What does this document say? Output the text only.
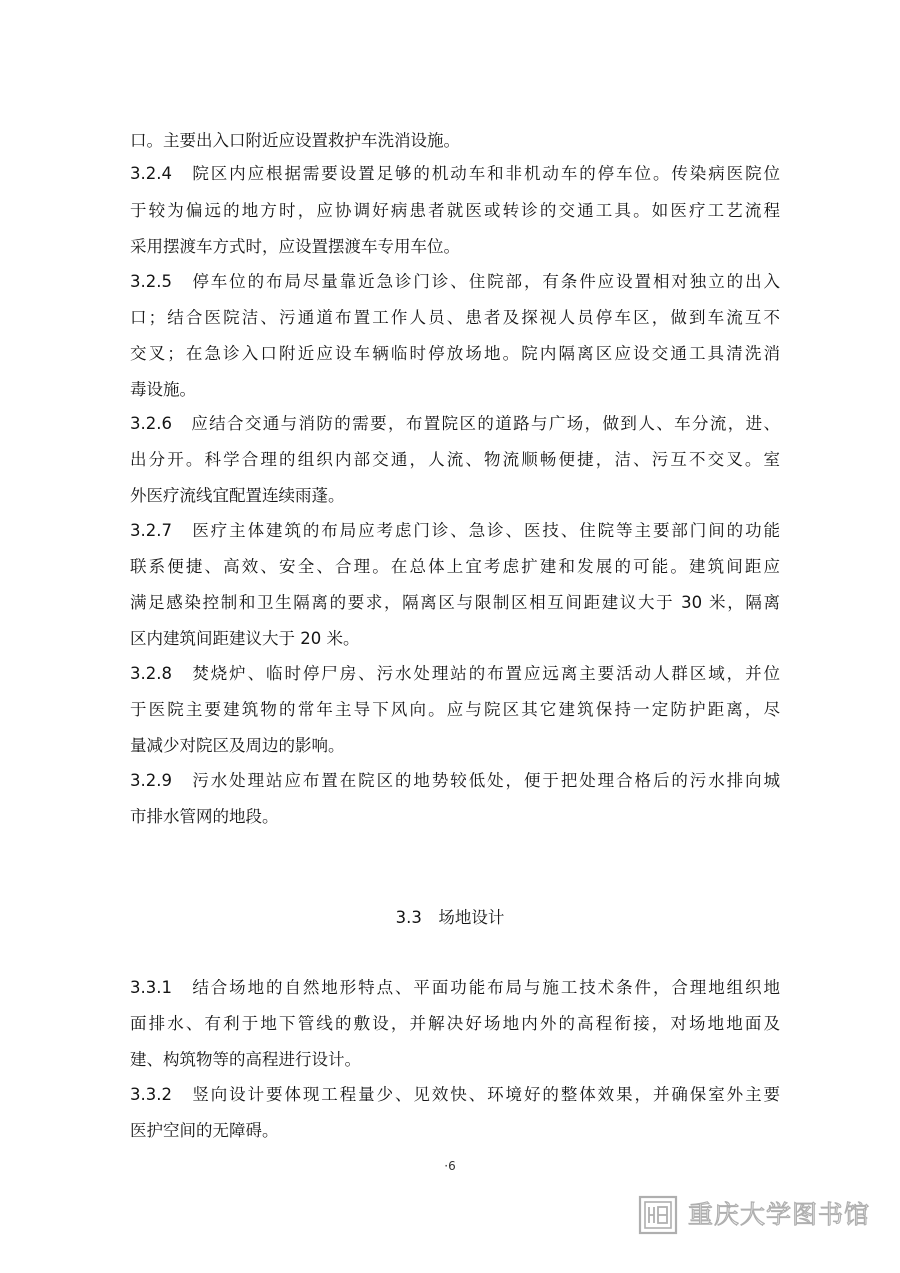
口。主要出入口附近应设置救护车洗消设施。
3.2.4　院区内应根据需要设置足够的机动车和非机动车的停车位。传染病医院位
于较为偏远的地方时，应协调好病患者就医或转诊的交通工具。如医疗工艺流程
采用摆渡车方式时，应设置摆渡车专用车位。
3.2.5　停车位的布局尽量靠近急诊门诊、住院部，有条件应设置相对独立的出入
口；结合医院洁、污通道布置工作人员、患者及探视人员停车区，做到车流互不
交叉；在急诊入口附近应设车辆临时停放场地。院内隔离区应设交通工具清洗消
毒设施。
3.2.6　应结合交通与消防的需要，布置院区的道路与广场，做到人、车分流，进、
出分开。科学合理的组织内部交通，人流、物流顺畅便捷，洁、污互不交叉。室
外医疗流线宜配置连续雨蓬。
3.2.7　医疗主体建筑的布局应考虑门诊、急诊、医技、住院等主要部门间的功能
联系便捷、高效、安全、合理。在总体上宜考虑扩建和发展的可能。建筑间距应
满足感染控制和卫生隔离的要求，隔离区与限制区相互间距建议大于 30 米，隔离
区内建筑间距建议大于 20 米。
3.2.8　焚烧炉、临时停尸房、污水处理站的布置应远离主要活动人群区域，并位
于医院主要建筑物的常年主导下风向。应与院区其它建筑保持一定防护距离，尽
量减少对院区及周边的影响。
3.2.9　污水处理站应布置在院区的地势较低处，便于把处理合格后的污水排向城
市排水管网的地段。
3.3　场地设计
3.3.1　结合场地的自然地形特点、平面功能布局与施工技术条件，合理地组织地
面排水、有利于地下管线的敷设，并解决好场地内外的高程衔接，对场地地面及
建、构筑物等的高程进行设计。
3.3.2　竖向设计要体现工程量少、见效快、环境好的整体效果，并确保室外主要
医护空间的无障碍。
·6
重庆大学图书馆
